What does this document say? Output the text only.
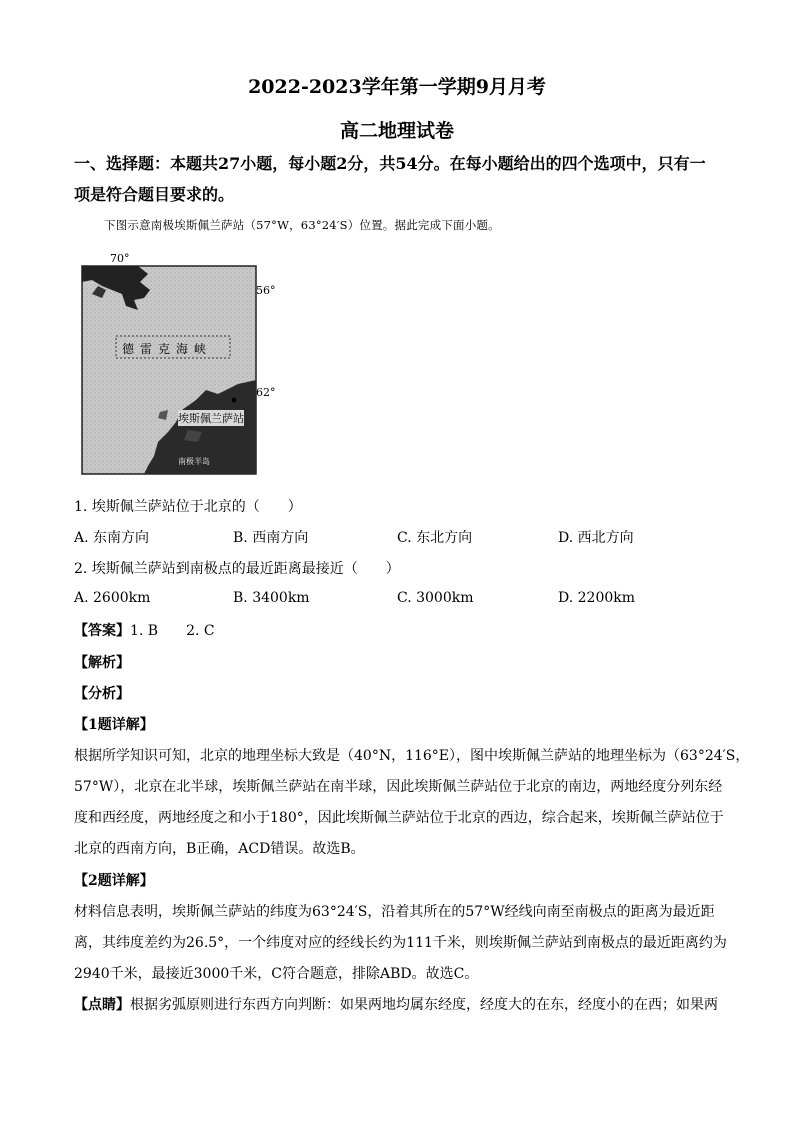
2022-2023学年第一学期9月月考
高二地理试卷
一、选择题：本题共27小题，每小题2分，共54分。在每小题给出的四个选项中，只有一
项是符合题目要求的。
下图示意南极埃斯佩兰萨站（57°W，63°24′S）位置。据此完成下面小题。
70°
56°
62°
德雷克海峡
埃斯佩兰萨站
南极半岛
1. 埃斯佩兰萨站位于北京的（　　）
A. 东南方向	B. 西南方向	C. 东北方向	D. 西北方向
2. 埃斯佩兰萨站到南极点的最近距离最接近（　　）
A. 2600km	B. 3400km	C. 3000km	D. 2200km
【答案】1. B　　2. C
【解析】
【分析】
【1题详解】
根据所学知识可知，北京的地理坐标大致是（40°N，116°E），图中埃斯佩兰萨站的地理坐标为（63°24′S，
57°W），北京在北半球，埃斯佩兰萨站在南半球，因此埃斯佩兰萨站位于北京的南边，两地经度分列东经
度和西经度，两地经度之和小于180°，因此埃斯佩兰萨站位于北京的西边，综合起来，埃斯佩兰萨站位于
北京的西南方向，B正确，ACD错误。故选B。
【2题详解】
材料信息表明，埃斯佩兰萨站的纬度为63°24′S，沿着其所在的57°W经线向南至南极点的距离为最近距
离，其纬度差约为26.5°，一个纬度对应的经线长约为111千米，则埃斯佩兰萨站到南极点的最近距离约为
2940千米，最接近3000千米，C符合题意，排除ABD。故选C。
【点睛】根据劣弧原则进行东西方向判断：如果两地均属东经度，经度大的在东，经度小的在西；如果两
